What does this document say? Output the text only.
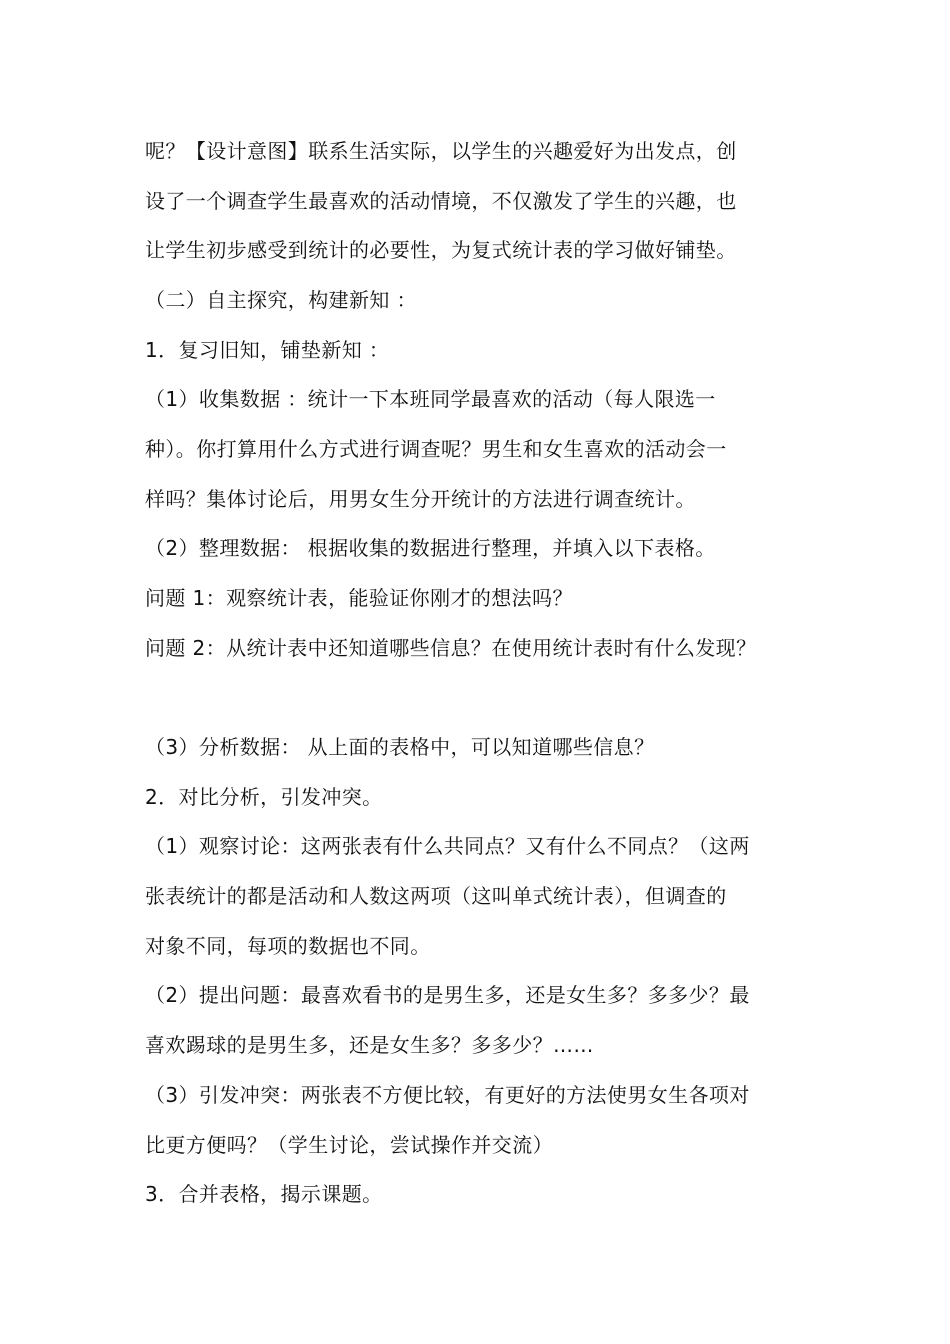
呢？【设计意图】联系生活实际，以学生的兴趣爱好为出发点，创

设了一个调查学生最喜欢的活动情境，不仅激发了学生的兴趣，也

让学生初步感受到统计的必要性，为复式统计表的学习做好铺垫。

（二）自主探究，构建新知 ：

1．复习旧知，铺垫新知 ：

（1）收集数据 ：统计一下本班同学最喜欢的活动（每人限选一

种）。你打算用什么方式进行调查呢？男生和女生喜欢的活动会一

样吗？集体讨论后，用男女生分开统计的方法进行调查统计。

（2）整理数据： 根据收集的数据进行整理，并填入以下表格。

问题 1：观察统计表，能验证你刚才的想法吗？

问题 2：从统计表中还知道哪些信息？在使用统计表时有什么发现？

（3）分析数据： 从上面的表格中，可以知道哪些信息？

2．对比分析，引发冲突。

（1）观察讨论：这两张表有什么共同点？又有什么不同点？（这两

张表统计的都是活动和人数这两项（这叫单式统计表），但调查的

对象不同，每项的数据也不同。

（2）提出问题：最喜欢看书的是男生多，还是女生多？多多少？最

喜欢踢球的是男生多，还是女生多？多多少？……

（3）引发冲突：两张表不方便比较，有更好的方法使男女生各项对

比更方便吗？（学生讨论，尝试操作并交流）

3．合并表格，揭示课题。
